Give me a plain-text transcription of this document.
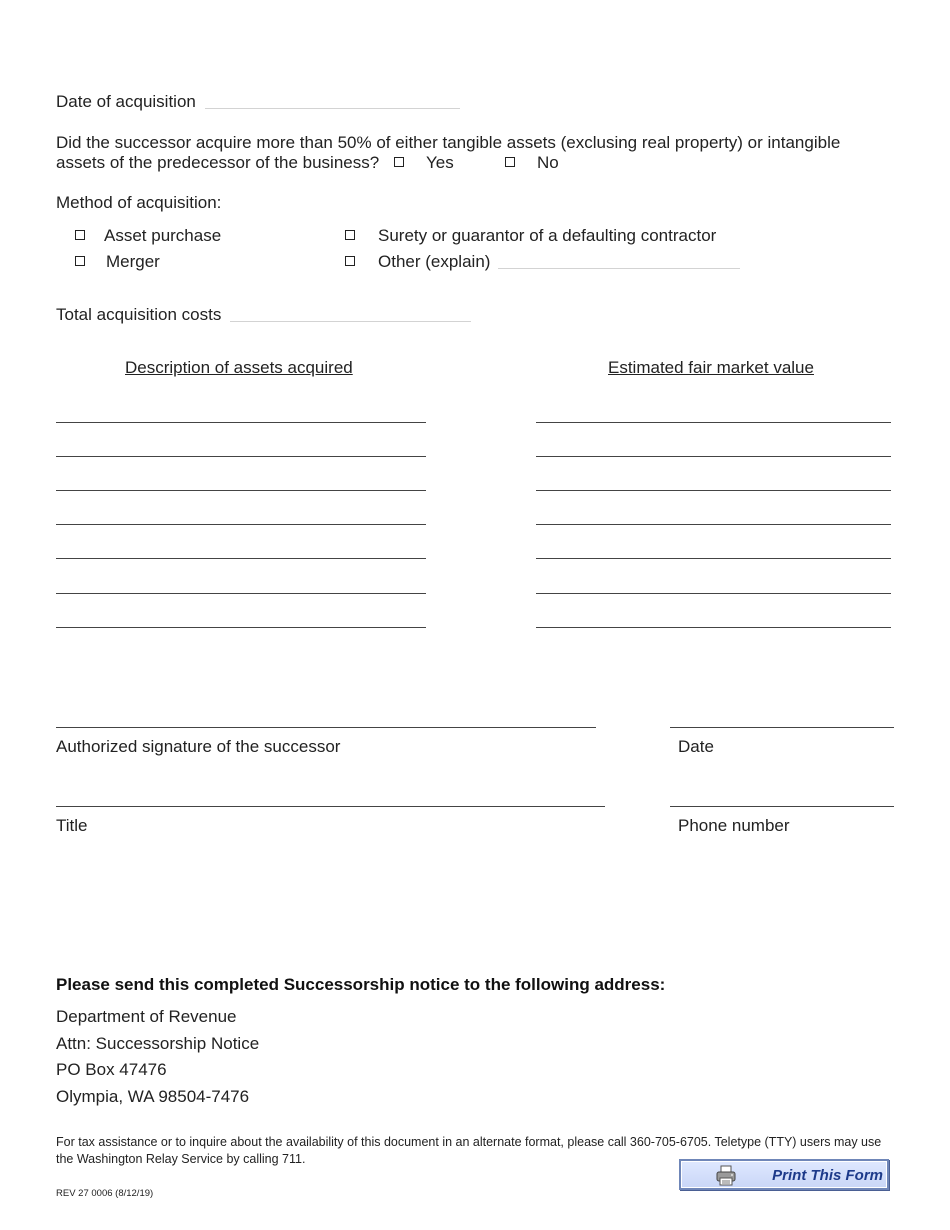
Date of acquisition
Did the successor acquire more than 50% of either tangible assets (exclusing real property) or intangible
assets of the predecessor of the business?	Yes	No
Method of acquisition:
Asset purchase
Merger
Surety or guarantor of a defaulting contractor
Other (explain)
Total acquisition costs
Description of assets acquired	Estimated fair market value
Authorized signature of the successor	Date
Title	Phone number
Please send this completed Successorship notice to the following address:
Department of Revenue
Attn: Successorship Notice
PO Box 47476
Olympia, WA 98504-7476
For tax assistance or to inquire about the availability of this document in an alternate format, please call 360-705-6705. Teletype (TTY) users may use the Washington Relay Service by calling 711.
REV 27 0006 (8/12/19)
Print This Form
